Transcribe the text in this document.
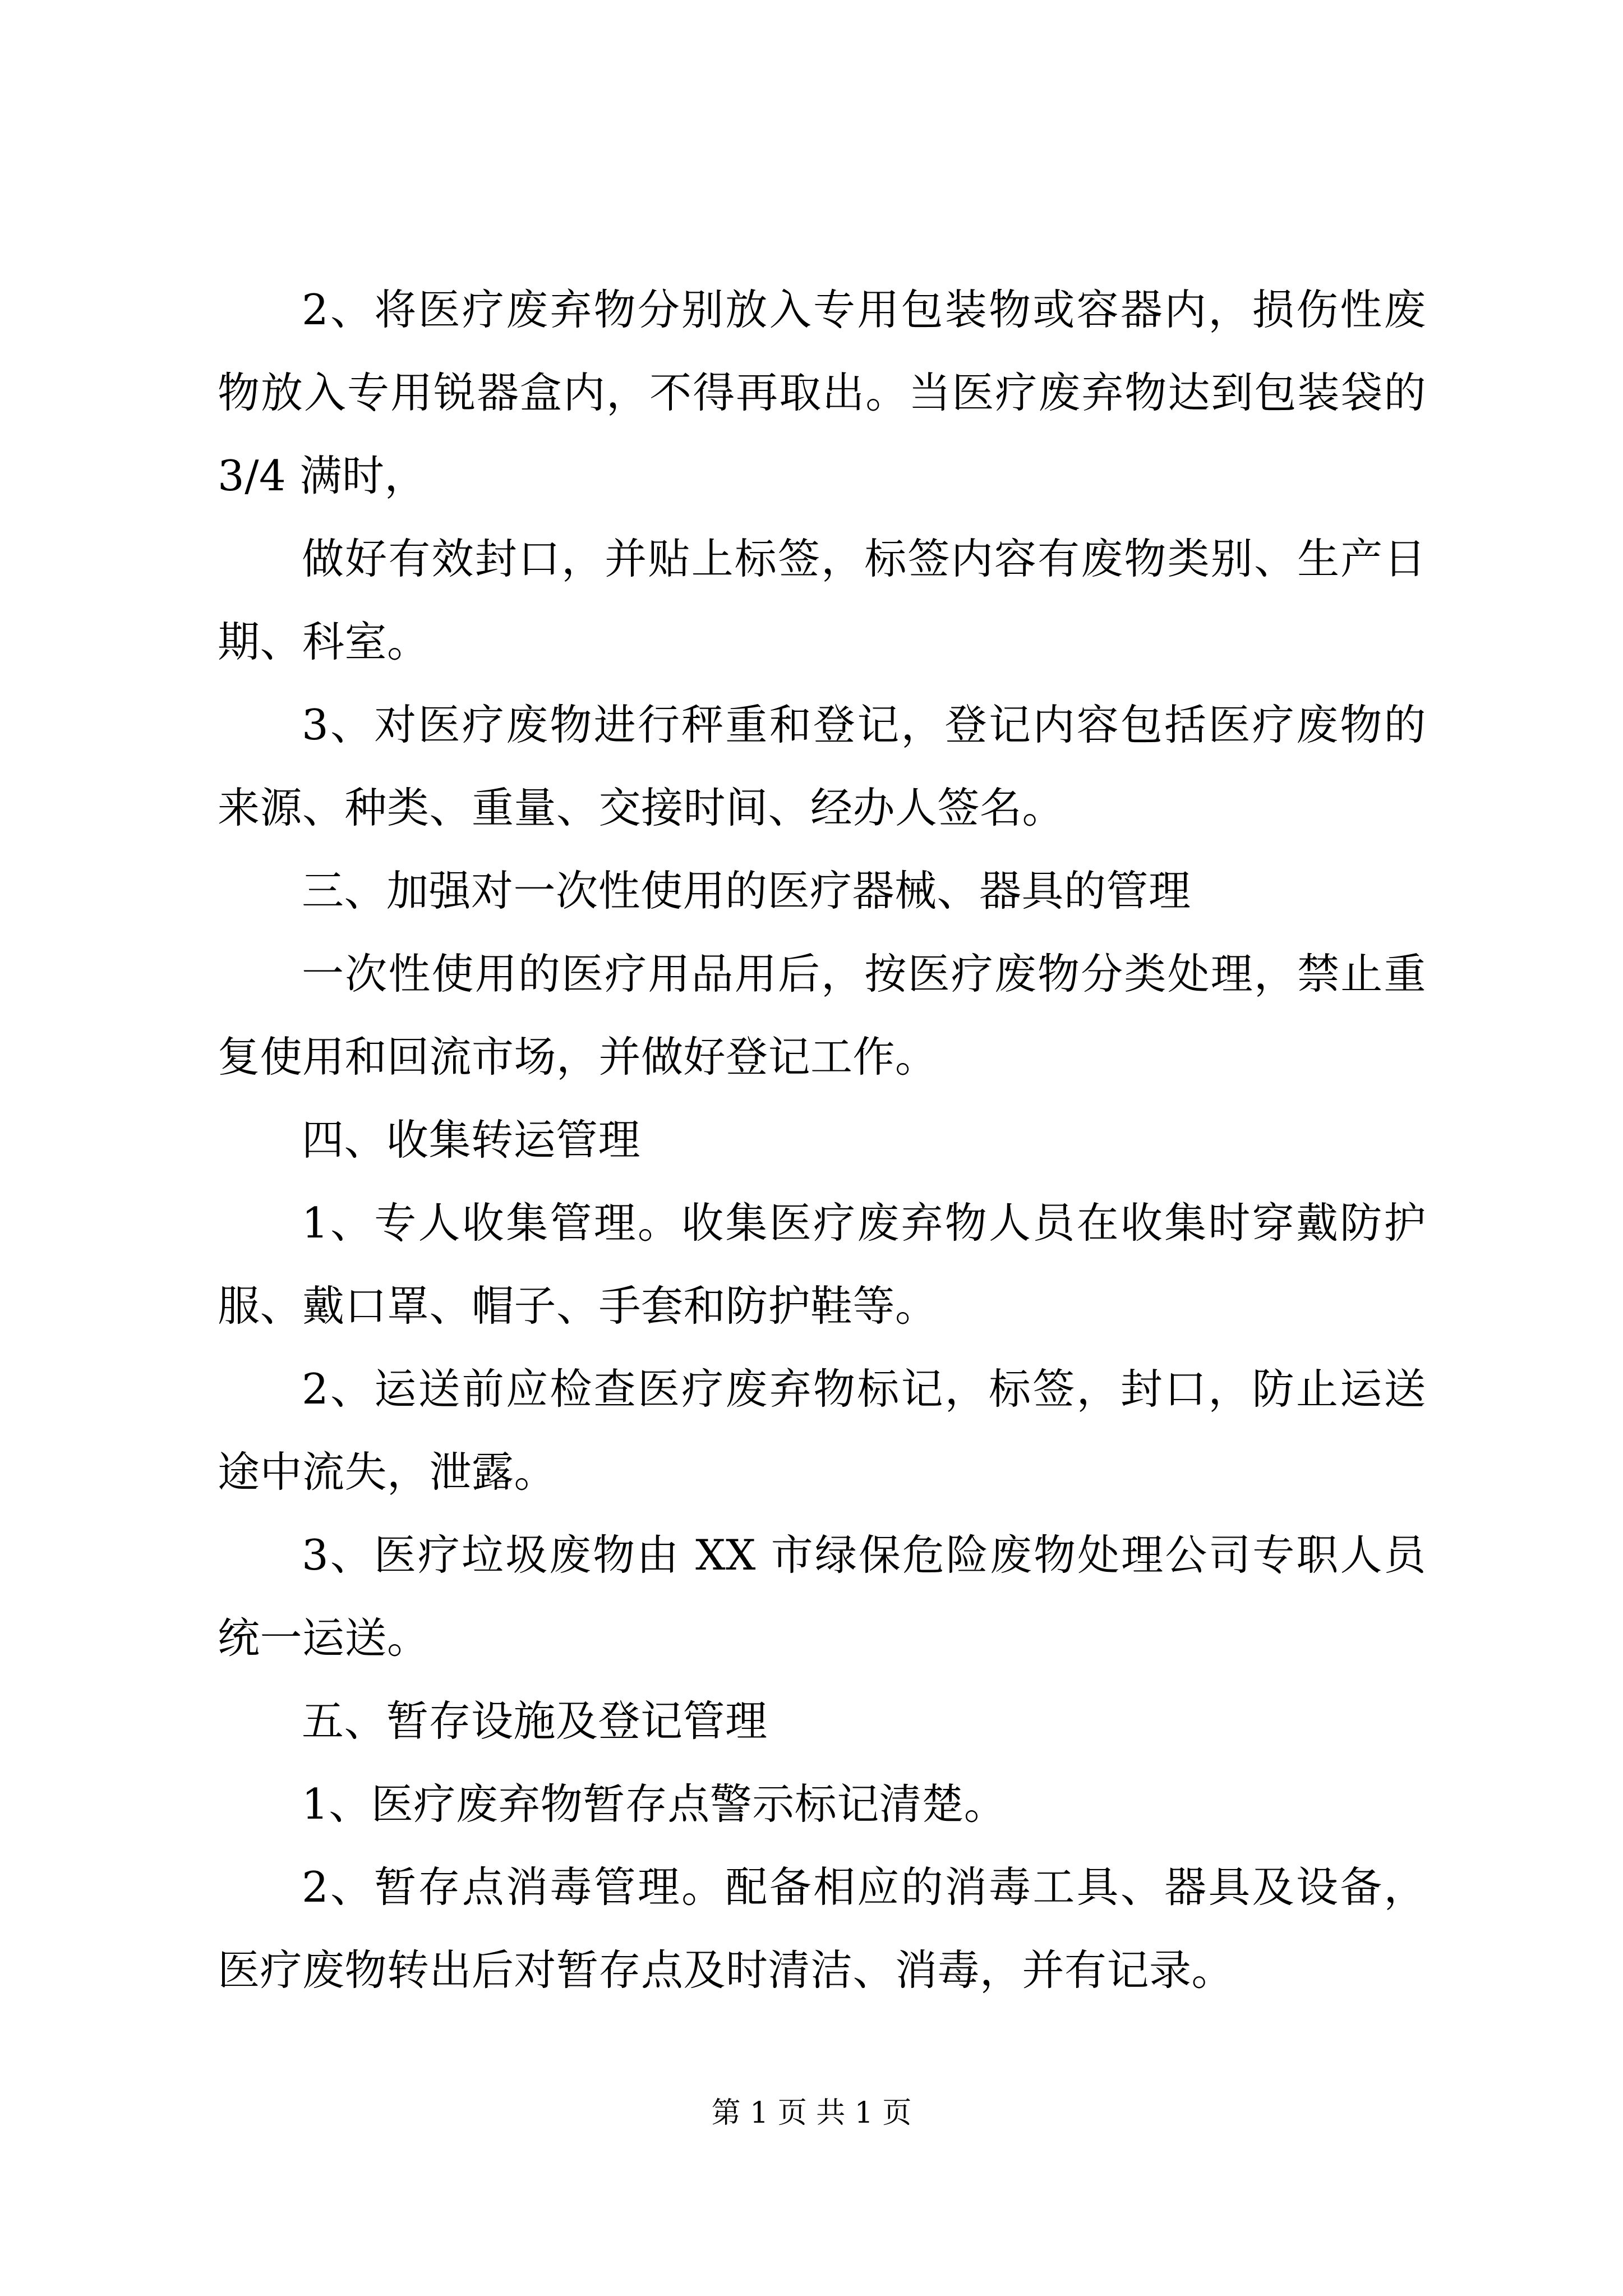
2、将医疗废弃物分别放入专用包装物或容器内，损伤性废物放入专用锐器盒内，不得再取出。当医疗废弃物达到包装袋的 3/4 满时，

做好有效封口，并贴上标签，标签内容有废物类别、生产日期、科室。

3、对医疗废物进行秤重和登记，登记内容包括医疗废物的来源、种类、重量、交接时间、经办人签名。

三、加强对一次性使用的医疗器械、器具的管理

一次性使用的医疗用品用后，按医疗废物分类处理，禁止重复使用和回流市场，并做好登记工作。

四、收集转运管理

1、专人收集管理。收集医疗废弃物人员在收集时穿戴防护服、戴口罩、帽子、手套和防护鞋等。

2、运送前应检查医疗废弃物标记，标签，封口，防止运送途中流失，泄露。

3、医疗垃圾废物由 XX 市绿保危险废物处理公司专职人员统一运送。

五、暂存设施及登记管理

1、医疗废弃物暂存点警示标记清楚。

2、暂存点消毒管理。配备相应的消毒工具、器具及设备，医疗废物转出后对暂存点及时清洁、消毒，并有记录。

第 1 页 共 1 页
